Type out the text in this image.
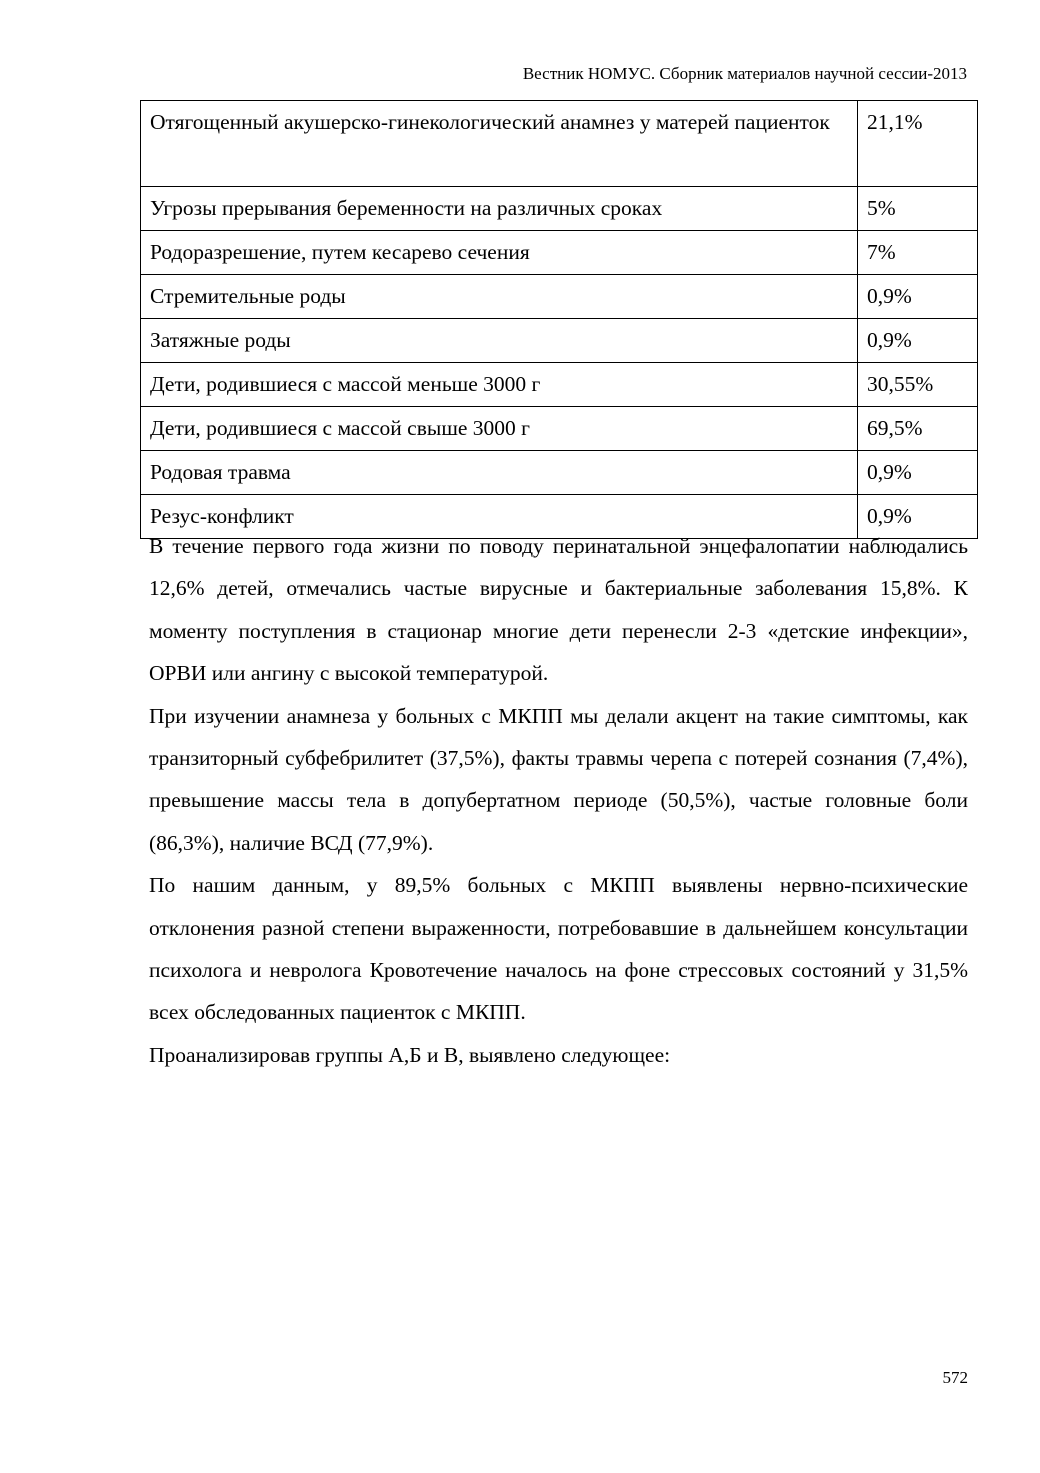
Вестник НОМУС. Сборник материалов научной сессии-2013
Отягощенный акушерско-гинекологический анамнез у матерей пациенток	21,1%
Угрозы прерывания беременности на различных сроках	5%
Родоразрешение, путем кесарево сечения	7%
Стремительные роды	0,9%
Затяжные роды	0,9%
Дети, родившиеся с массой меньше 3000 г	30,55%
Дети, родившиеся с массой свыше 3000 г	69,5%
Родовая травма	0,9%
Резус-конфликт	0,9%

В течение первого года жизни по поводу перинатальной энцефалопатии наблюдались 12,6% детей, отмечались частые вирусные и бактериальные заболевания 15,8%. К моменту поступления в стационар многие дети перенесли 2-3 «детские инфекции», ОРВИ или ангину с высокой температурой.

При изучении анамнеза у больных с МКПП мы делали акцент на такие симптомы, как транзиторный субфебрилитет (37,5%), факты травмы черепа с потерей сознания (7,4%), превышение массы тела в допубертатном периоде (50,5%), частые головные боли (86,3%), наличие ВСД (77,9%).

По нашим данным, у 89,5% больных с МКПП выявлены нервно-психические отклонения разной степени выраженности, потребовавшие в дальнейшем консультации психолога и невролога Кровотечение началось на фоне стрессовых состояний у 31,5% всех обследованных пациенток с МКПП.

Проанализировав группы А,Б и В, выявлено следующее:

572
